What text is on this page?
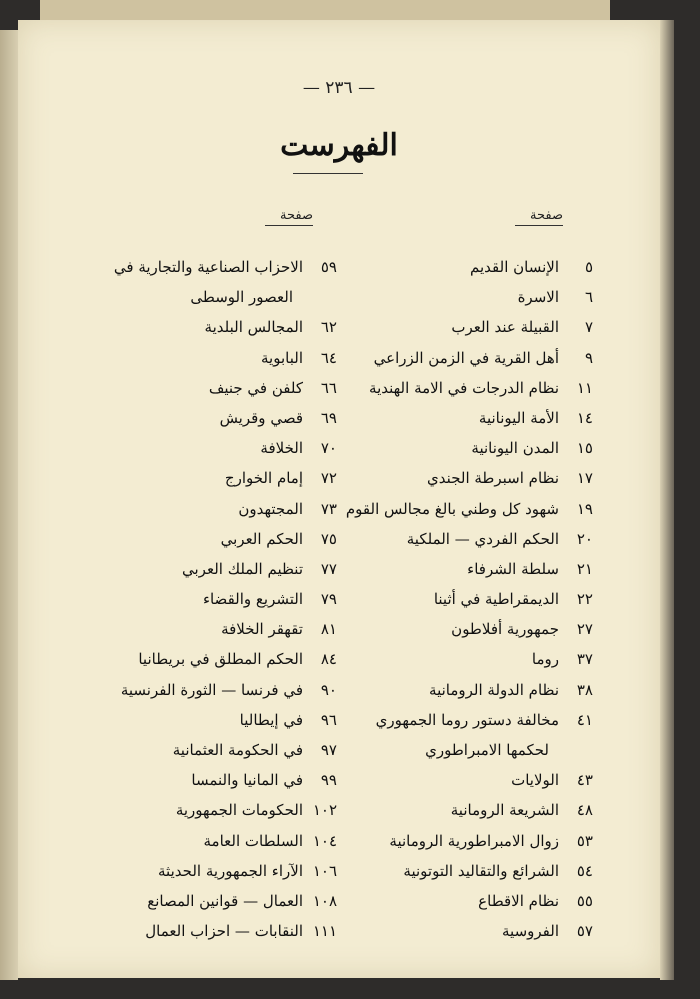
— ٢٣٦ —
الفهرست
صفحة
صفحة
٥
الإنسان القديم
٦
الاسرة
٧
القبيلة عند العرب
٩
أهل القرية في الزمن الزراعي
١١
نظام الدرجات في الامة الهندية
١٤
الأمة اليونانية
١٥
المدن اليونانية
١٧
نظام اسبرطة الجندي
١٩
شهود كل وطني بالغ مجالس القوم
٢٠
الحكم الفردي — الملكية
٢١
سلطة الشرفاء
٢٢
الديمقراطية في أثينا
٢٧
جمهورية أفلاطون
٣٧
روما
٣٨
نظام الدولة الرومانية
٤١
مخالفة دستور روما الجمهوري
لحكمها الامبراطوري
٤٣
الولايات
٤٨
الشريعة الرومانية
٥٣
زوال الامبراطورية الرومانية
٥٤
الشرائع والتقاليد التوتونية
٥٥
نظام الاقطاع
٥٧
الفروسية
٥٩
الاحزاب الصناعية والتجارية في
العصور الوسطى
٦٢
المجالس البلدية
٦٤
البابوية
٦٦
كلفن في جنيف
٦٩
قصي وقريش
٧٠
الخلافة
٧٢
إمام الخوارج
٧٣
المجتهدون
٧٥
الحكم العربي
٧٧
تنظيم الملك العربي
٧٩
التشريع والقضاء
٨١
تقهقر الخلافة
٨٤
الحكم المطلق في بريطانيا
٩٠
في فرنسا — الثورة الفرنسية
٩٦
في إيطاليا
٩٧
في الحكومة العثمانية
٩٩
في المانيا والنمسا
١٠٢
الحكومات الجمهورية
١٠٤
السلطات العامة
١٠٦
الآراء الجمهورية الحديثة
١٠٨
العمال — قوانين المصانع
١١١
النقابات — احزاب العمال
